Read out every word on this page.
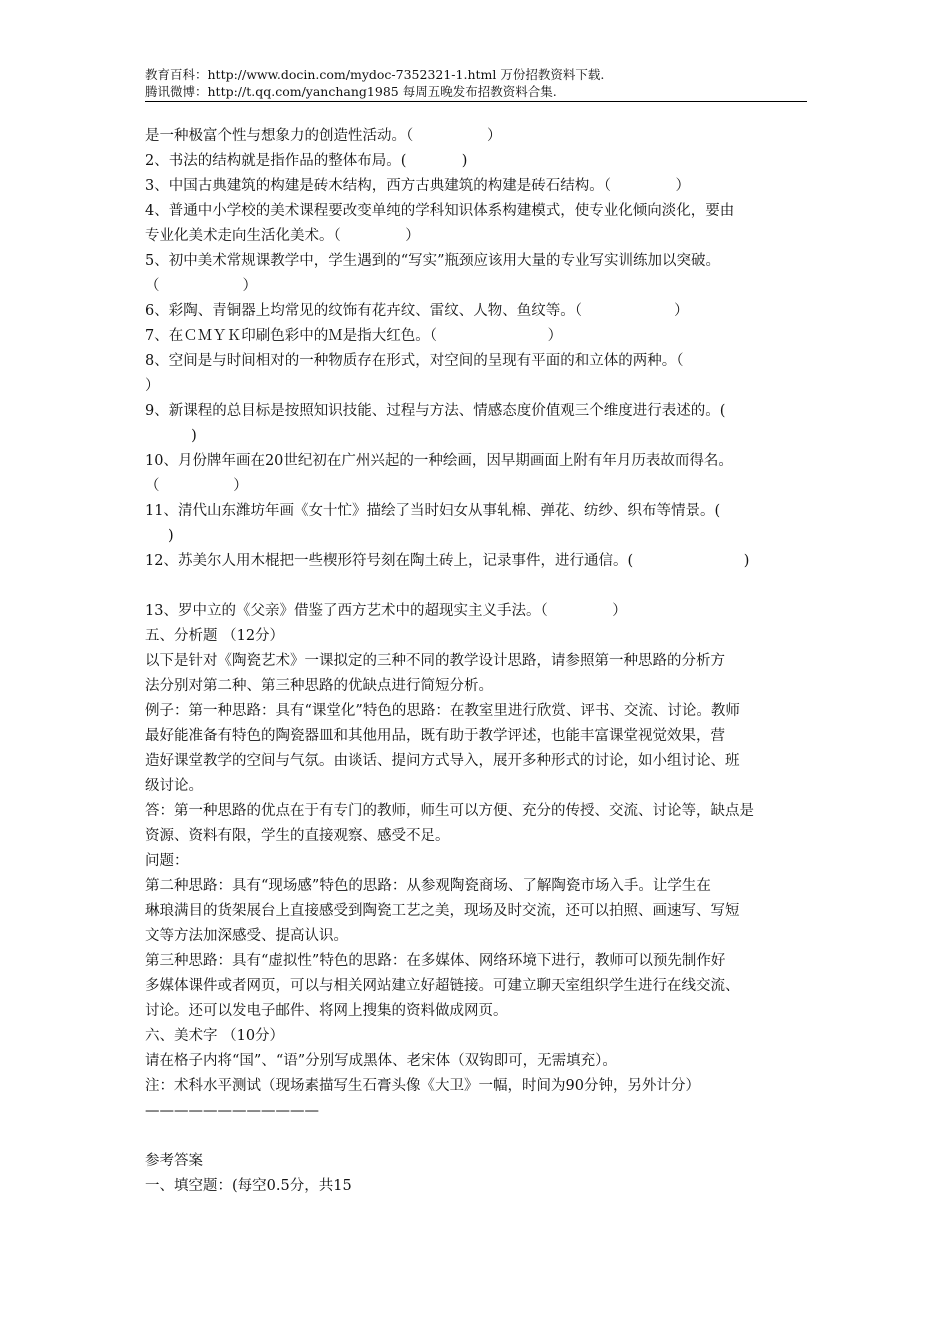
教育百科：http://www.docin.com/mydoc-7352321-1.html 万份招教资料下载.
腾讯微博：http://t.qq.com/yanchang1985 每周五晚发布招教资料合集.

是一种极富个性与想象力的创造性活动。（                ）

2、书法的结构就是指作品的整体布局。(            )

3、中国古典建筑的构建是砖木结构，西方古典建筑的构建是砖石结构。（              ）

4、普通中小学校的美术课程要改变单纯的学科知识体系构建模式，使专业化倾向淡化，要由

专业化美术走向生活化美术。（              ）

5、初中美术常规课教学中，学生遇到的“写实”瓶颈应该用大量的专业写实训练加以突破。

（                  ）

6、彩陶、青铜器上均常见的纹饰有花卉纹、雷纹、人物、鱼纹等。（                    ）

7、在ＣＭＹＫ印刷色彩中的Ｍ是指大红色。（                        ）

8、空间是与时间相对的一种物质存在形式，对空间的呈现有平面的和立体的两种。（

）

9、新课程的总目标是按照知识技能、过程与方法、情感态度价值观三个维度进行表述的。(

)

10、月份牌年画在20世纪初在广州兴起的一种绘画，因早期画面上附有年月历表故而得名。

（                ）

11、清代山东潍坊年画《女十忙》描绘了当时妇女从事轧棉、弹花、纺纱、织布等情景。(

)

12、苏美尔人用木棍把一些楔形符号刻在陶土砖上，记录事件，进行通信。(                        )

13、罗中立的《父亲》借鉴了西方艺术中的超现实主义手法。（              ）

五、分析题 （12分）

以下是针对《陶瓷艺术》一课拟定的三种不同的教学设计思路，请参照第一种思路的分析方

法分别对第二种、第三种思路的优缺点进行简短分析。

例子：第一种思路：具有“课堂化”特色的思路：在教室里进行欣赏、评书、交流、讨论。教师

最好能准备有特色的陶瓷器皿和其他用品，既有助于教学评述，也能丰富课堂视觉效果，营

造好课堂教学的空间与气氛。由谈话、提问方式导入，展开多种形式的讨论，如小组讨论、班

级讨论。

答：第一种思路的优点在于有专门的教师，师生可以方便、充分的传授、交流、讨论等，缺点是

资源、资料有限，学生的直接观察、感受不足。

问题：

第二种思路：具有“现场感”特色的思路：从参观陶瓷商场、了解陶瓷市场入手。让学生在

琳琅满目的货架展台上直接感受到陶瓷工艺之美，现场及时交流，还可以拍照、画速写、写短

文等方法加深感受、提高认识。

第三种思路：具有“虚拟性”特色的思路：在多媒体、网络环境下进行，教师可以预先制作好

多媒体课件或者网页，可以与相关网站建立好超链接。可建立聊天室组织学生进行在线交流、

讨论。还可以发电子邮件、将网上搜集的资料做成网页。

六、美术字 （10分）

请在格子内将“国”、“语”分别写成黑体、老宋体（双钩即可，无需填充）。

注：术科水平测试（现场素描写生石膏头像《大卫》一幅，时间为90分钟，另外计分）

————————————

参考答案

一、填空题：(每空0.5分，共15
